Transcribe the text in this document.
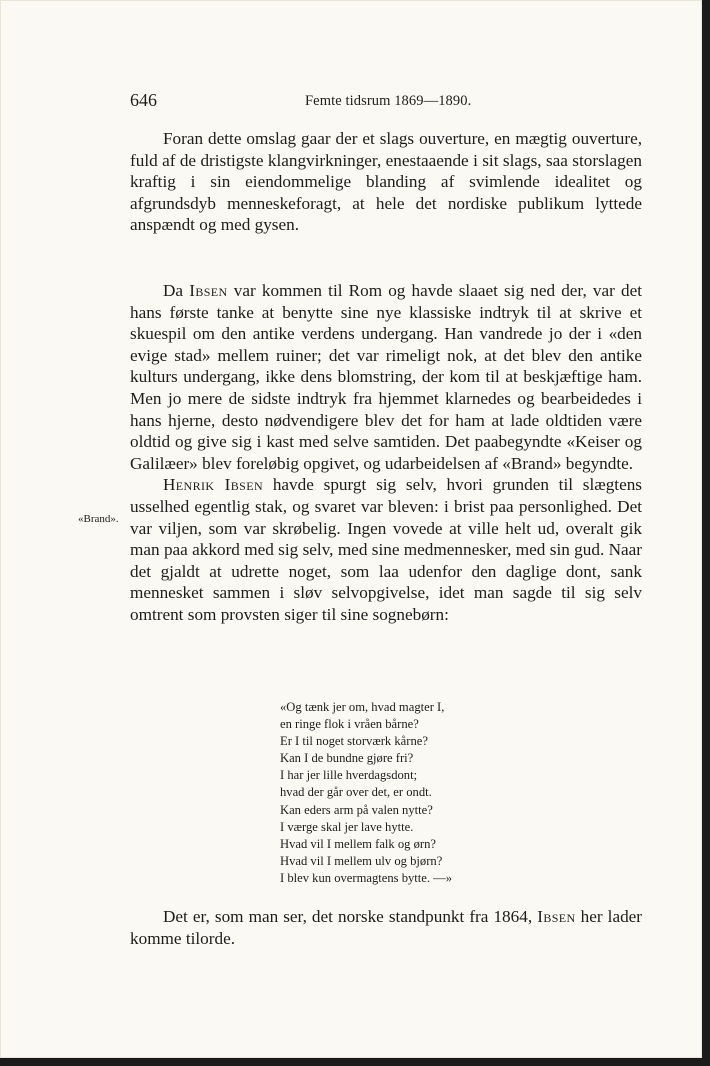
646	Femte tidsrum 1869—1890.

Foran dette omslag gaar der et slags ouverture, en mægtig ouverture, fuld af de dristigste klangvirkninger, enestaaende i sit slags, saa storslagen kraftig i sin eiendommelige blanding af svimlende idealitet og afgrundsdyb menneskeforagt, at hele det nordiske publikum lyttede anspændt og med gysen.

Da Ibsen var kommen til Rom og havde slaaet sig ned der, var det hans første tanke at benytte sine nye klassiske indtryk til at skrive et skuespil om den antike verdens undergang. Han vandrede jo der i «den evige stad» mellem ruiner; det var rimeligt nok, at det blev den antike kulturs undergang, ikke dens blomstring, der kom til at beskjæftige ham. Men jo mere de sidste indtryk fra hjemmet klarnedes og bearbeidedes i hans hjerne, desto nødvendigere blev det for ham at lade oldtiden være oldtid og give sig i kast med selve samtiden. Det paabegyndte «Keiser og Galilæer» blev foreløbig opgivet, og udarbeidelsen af «Brand» begyndte.

Henrik Ibsen havde spurgt sig selv, hvori grunden til slægtens usselhed egentlig stak, og svaret var bleven: i brist paa personlighed. Det var viljen, som var skrøbelig. Ingen vovede at ville helt ud, overalt gik man paa akkord med sig selv, med sine medmennesker, med sin gud. Naar det gjaldt at udrette noget, som laa udenfor den daglige dont, sank mennesket sammen i sløv selvopgivelse, idet man sagde til sig selv omtrent som provsten siger til sine sognebørn:

«Brand».
«Og tænk jer om, hvad magter I,
en ringe flok i vråen bårne?
Er I til noget storværk kårne?
Kan I de bundne gjøre fri?
I har jer lille hverdagsdont;
hvad der går over det, er ondt.
Kan eders arm på valen nytte?
I værge skal jer lave hytte.
Hvad vil I mellem falk og ørn?
Hvad vil I mellem ulv og bjørn?
I blev kun overmagtens bytte. —»

Det er, som man ser, det norske standpunkt fra 1864, Ibsen her lader komme tilorde.
